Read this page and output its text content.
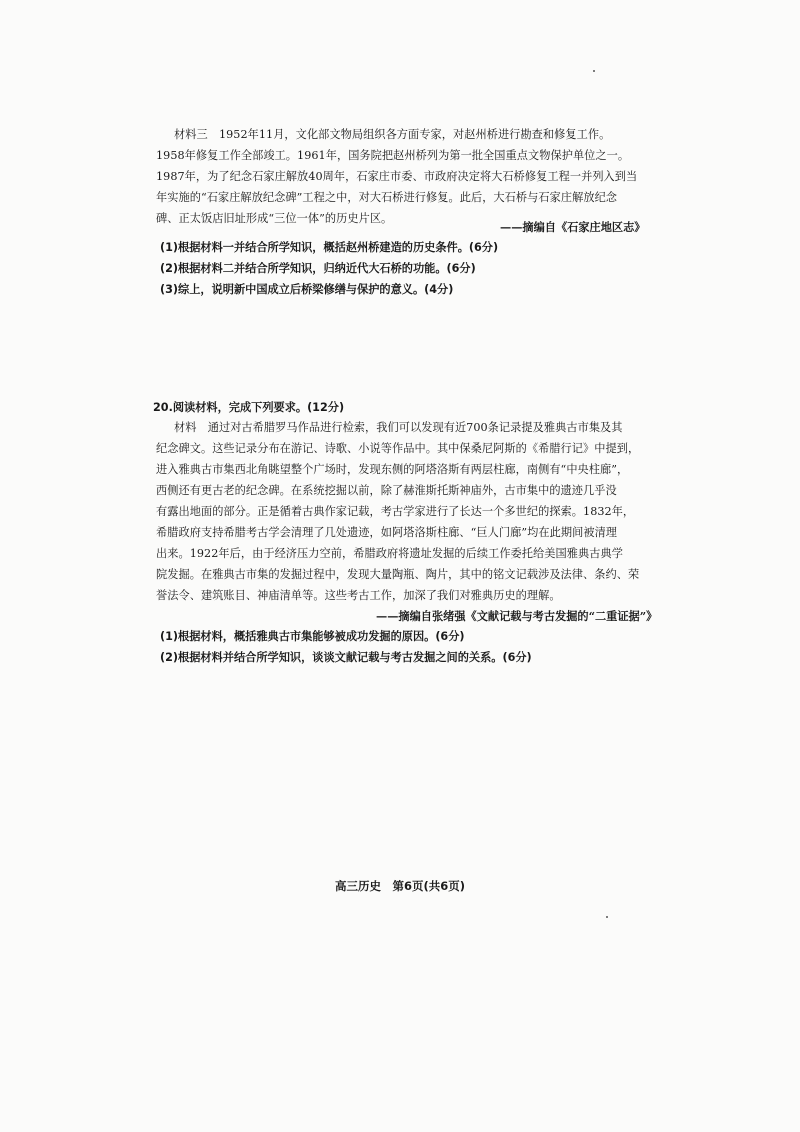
材料三　1952年11月，文化部文物局组织各方面专家，对赵州桥进行勘查和修复工作。
1958年修复工作全部竣工。1961年，国务院把赵州桥列为第一批全国重点文物保护单位之一。
1987年，为了纪念石家庄解放40周年，石家庄市委、市政府决定将大石桥修复工程一并列入到当
年实施的“石家庄解放纪念碑”工程之中，对大石桥进行修复。此后，大石桥与石家庄解放纪念
碑、正太饭店旧址形成“三位一体”的历史片区。
——摘编自《石家庄地区志》
(1)根据材料一并结合所学知识，概括赵州桥建造的历史条件。(6分)
(2)根据材料二并结合所学知识，归纳近代大石桥的功能。(6分)
(3)综上，说明新中国成立后桥梁修缮与保护的意义。(4分)
20.阅读材料，完成下列要求。(12分)
材料　通过对古希腊罗马作品进行检索，我们可以发现有近700条记录提及雅典古市集及其
纪念碑文。这些记录分布在游记、诗歌、小说等作品中。其中保桑尼阿斯的《希腊行记》中提到，
进入雅典古市集西北角眺望整个广场时，发现东侧的阿塔洛斯有两层柱廊，南侧有“中央柱廊”，
西侧还有更古老的纪念碑。在系统挖掘以前，除了赫淮斯托斯神庙外，古市集中的遗迹几乎没
有露出地面的部分。正是循着古典作家记载，考古学家进行了长达一个多世纪的探索。1832年，
希腊政府支持希腊考古学会清理了几处遗迹，如阿塔洛斯柱廊、“巨人门廊”均在此期间被清理
出来。1922年后，由于经济压力空前，希腊政府将遗址发掘的后续工作委托给美国雅典古典学
院发掘。在雅典古市集的发掘过程中，发现大量陶瓶、陶片，其中的铭文记载涉及法律、条约、荣
誉法令、建筑账目、神庙清单等。这些考古工作，加深了我们对雅典历史的理解。
——摘编自张绪强《文献记载与考古发掘的“二重证据”》
(1)根据材料，概括雅典古市集能够被成功发掘的原因。(6分)
(2)根据材料并结合所学知识，谈谈文献记载与考古发掘之间的关系。(6分)
高三历史　第6页(共6页)
